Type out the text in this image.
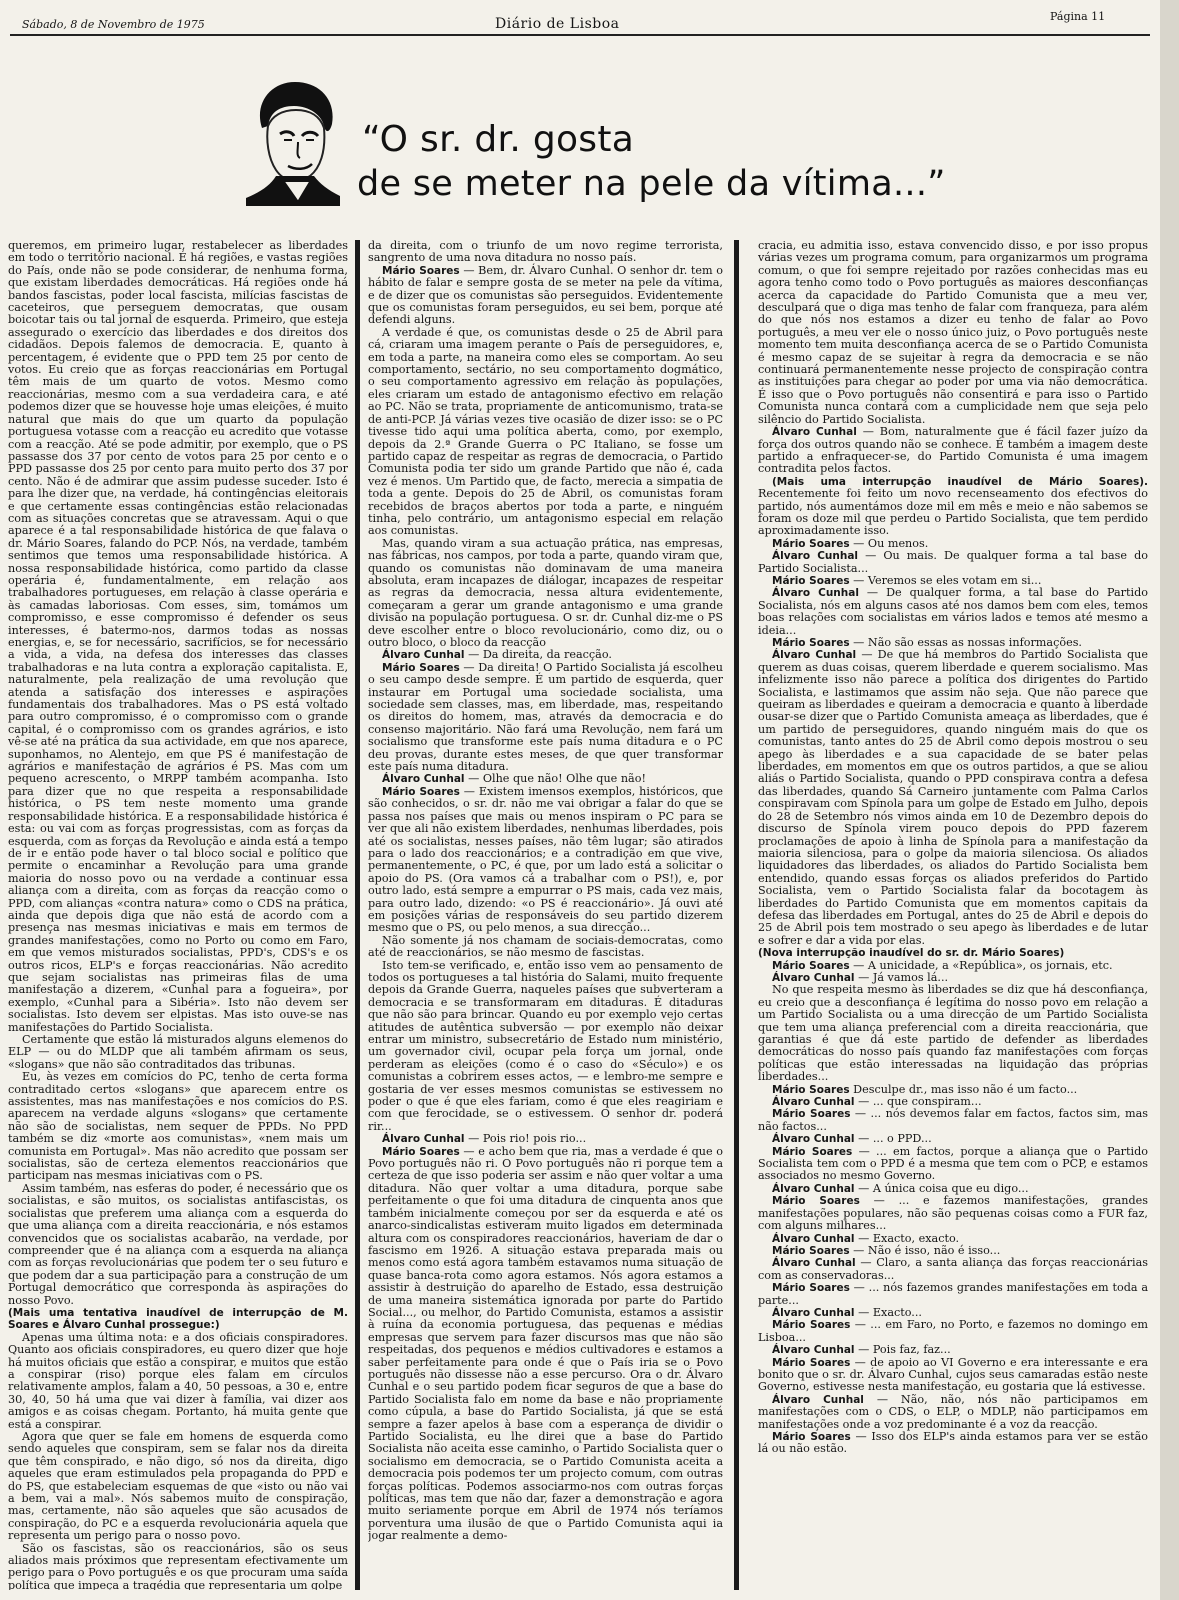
Sábado, 8 de Novembro de 1975	Diário de Lisboa	Página 11
“O sr. dr. gosta
de se meter na pele da vítima...”

queremos, em primeiro lugar, restabelecer as liberdades em todo o território nacional. É há regiões, e vastas regiões do País, onde não se pode considerar, de nenhuma forma, que existam liberdades democráticas. Há regiões onde há bandos fascistas, poder local fascista, milícias fascistas de caceteiros, que perseguem democratas, que ousam boicotar tais ou tal jornal de esquerda. Primeiro, que esteja assegurado o exercício das liberdades e dos direitos dos cidadãos. Depois falemos de democracia. E, quanto à percentagem, é evidente que o PPD tem 25 por cento de votos. Eu creio que as forças reaccionárias em Portugal têm mais de um quarto de votos. Mesmo como reaccionárias, mesmo com a sua verdadeira cara, e até podemos dizer que se houvesse hoje umas eleições, é muito natural que mais do que um quarto da população portuguesa votasse com a reacção eu acredito que votasse com a reacção. Até se pode admitir, por exemplo, que o PS passasse dos 37 por cento de votos para 25 por cento e o PPD passasse dos 25 por cento para muito perto dos 37 por cento. Não é de admirar que assim pudesse suceder. Isto é para lhe dizer que, na verdade, há contingências eleitorais e que certamente essas contingências estão relacionadas com as situações concretas que se atravessam. Aqui o que aparece é a tal responsabilidade histórica de que falava o dr. Mário Soares, falando do PCP. Nós, na verdade, também sentimos que temos uma responsabilidade histórica. A nossa responsabilidade histórica, como partido da classe operária é, fundamentalmente, em relação aos trabalhadores portugueses, em relação à classe operária e às camadas laboriosas. Com esses, sim, tomámos um compromisso, e esse compromisso é defender os seus interesses, é batermo-nos, darmos todas as nossas energias, e, se for necessário, sacrifícios, se for necessário a vida, a vida, na defesa dos interesses das classes trabalhadoras e na luta contra a exploração capitalista. E, naturalmente, pela realização de uma revolução que atenda a satisfação dos interesses e aspirações fundamentais dos trabalhadores. Mas o PS está voltado para outro compromisso, é o compromisso com o grande capital, é o compromisso com os grandes agrários, e isto vê-se até na prática da sua actividade, em que nos aparece, suponhamos, no Alentejo, em que PS é manifestação de agrários e manifestação de agrários é PS. Mas com um pequeno acrescento, o MRPP também acompanha. Isto para dizer que no que respeita a responsabilidade histórica, o PS tem neste momento uma grande responsabilidade histórica. E a responsabilidade histórica é esta: ou vai com as forças progressistas, com as forças da esquerda, com as forças da Revolução e ainda está a tempo de ir e então pode haver o tal bloco social e político que permite o encaminhar a Revolução para uma grande maioria do nosso povo ou na verdade a continuar essa aliança com a direita, com as forças da reacção como o PPD, com alianças «contra natura» como o CDS na prática, ainda que depois diga que não está de acordo com a presença nas mesmas iniciativas e mais em termos de grandes manifestações, como no Porto ou como em Faro, em que vemos misturados socialistas, PPD's, CDS's e os outros ricos, ELP's e forças reaccionárias. Não acredito que sejam socialistas nas primeiras filas de uma manifestação a dizerem, «Cunhal para a fogueira», por exemplo, «Cunhal para a Sibéria». Isto não devem ser socialistas. Isto devem ser elpistas. Mas isto ouve-se nas manifestações do Partido Socialista.

Certamente que estão lá misturados alguns elemenos do ELP — ou do MLDP que ali também afirmam os seus, «slogans» que não são contraditados das tribunas.

Eu, às vezes em comícios do PC, tenho de certa forma contraditado certos «slogans» que aparecem entre os assistentes, mas nas manifestações e nos comícios do P.S. aparecem na verdade alguns «slogans» que certamente não são de socialistas, nem sequer de PPDs. No PPD também se diz «morte aos comunistas», «nem mais um comunista em Portugal». Mas não acredito que possam ser socialistas, são de certeza elementos reaccionários que participam nas mesmas iniciativas com o PS.

Assim também, nas esferas do poder, é necessário que os socialistas, e são muitos, os socialistas antifascistas, os socialistas que preferem uma aliança com a esquerda do que uma aliança com a direita reaccionária, e nós estamos convencidos que os socialistas acabarão, na verdade, por compreender que é na aliança com a esquerda na aliança com as forças revolucionárias que podem ter o seu futuro e que podem dar a sua participação para a construção de um Portugal democrático que corresponda às aspirações do nosso Povo.

(Mais uma tentativa inaudível de interrupção de M. Soares e Álvaro Cunhal prossegue:)

Apenas uma última nota: e a dos oficiais conspiradores. Quanto aos oficiais conspiradores, eu quero dizer que hoje há muitos oficiais que estão a conspirar, e muitos que estão a conspirar (riso) porque eles falam em círculos relativamente amplos, falam a 40, 50 pessoas, a 30 e, entre 30, 40, 50 há uma que vai dizer à família, vai dizer aos amigos e as coisas chegam. Portanto, há muita gente que está a conspirar.

Agora que quer se fale em homens de esquerda como sendo aqueles que conspiram, sem se falar nos da direita que têm conspirado, e não digo, só nos da direita, digo aqueles que eram estimulados pela propaganda do PPD e do PS, que estabeleciam esquemas de que «isto ou não vai a bem, vai a mal». Nós sabemos muito de conspiração, mas, certamente, não são aqueles que são acusados de conspiração, do PC e a esquerda revolucionária aquela que representa um perigo para o nosso povo.

São os fascistas, são os reaccionários, são os seus aliados mais próximos que representam efectivamente um perigo para o Povo português e os que procuram uma saída política que impeça a tragédia que representaria um golpe

da direita, com o triunfo de um novo regime terrorista, sangrento de uma nova ditadura no nosso país.

Mário Soares — Bem, dr. Álvaro Cunhal. O senhor dr. tem o hábito de falar e sempre gosta de se meter na pele da vítima, e de dizer que os comunistas são perseguidos. Evidentemente que os comunistas foram perseguidos, eu sei bem, porque até defendi alguns.

A verdade é que, os comunistas desde o 25 de Abril para cá, criaram uma imagem perante o País de perseguidores, e, em toda a parte, na maneira como eles se comportam. Ao seu comportamento, sectário, no seu comportamento dogmático, o seu comportamento agressivo em relação às populações, eles criaram um estado de antagonismo efectivo em relação ao PC. Não se trata, propriamente de anticomunismo, trata-se de anti-PCP. Já várias vezes tive ocasião de dizer isso: se o PC tivesse tido aqui uma política aberta, como, por exemplo, depois da 2.ª Grande Guerra o PC Italiano, se fosse um partido capaz de respeitar as regras de democracia, o Partido Comunista podia ter sido um grande Partido que não é, cada vez é menos. Um Partido que, de facto, merecia a simpatia de toda a gente. Depois do 25 de Abril, os comunistas foram recebidos de braços abertos por toda a parte, e ninguém tinha, pelo contrário, um antagonismo especial em relação aos comunistas.

Mas, quando viram a sua actuação prática, nas empresas, nas fábricas, nos campos, por toda a parte, quando viram que, quando os comunistas não dominavam de uma maneira absoluta, eram incapazes de diálogar, incapazes de respeitar as regras da democracia, nessa altura evidentemente, começaram a gerar um grande antagonismo e uma grande divisão na população portuguesa. O sr. dr. Cunhal diz-me o PS deve escolher entre o bloco revolucionário, como diz, ou o outro bloco, o bloco da reacção

Álvaro Cunhal — Da direita, da reacção.

Mário Soares — Da direita! O Partido Socialista já escolheu o seu campo desde sempre. É um partido de esquerda, quer instaurar em Portugal uma sociedade socialista, uma sociedade sem classes, mas, em liberdade, mas, respeitando os direitos do homem, mas, através da democracia e do consenso majoritário. Não fará uma Revolução, nem fará um socialismo que transforme este país numa ditadura e o PC deu provas, durante estes meses, de que quer transformar este país numa ditadura.

Álvaro Cunhal — Olhe que não! Olhe que não!

Mário Soares — Existem imensos exemplos, históricos, que são conhecidos, o sr. dr. não me vai obrigar a falar do que se passa nos países que mais ou menos inspiram o PC para se ver que ali não existem liberdades, nenhumas liberdades, pois até os socialistas, nesses países, não têm lugar; são atirados para o lado dos reaccionários; e a contradição em que vive, permanentemente, o PC, é que, por um lado está a solicitar o apoio do PS. (Ora vamos cá a trabalhar com o PS!), e, por outro lado, está sempre a empurrar o PS mais, cada vez mais, para outro lado, dizendo: «o PS é reaccionário». Já ouvi até em posições várias de responsáveis do seu partido dizerem mesmo que o PS, ou pelo menos, a sua direcção...

Não somente já nos chamam de sociais-democratas, como até de reaccionários, se não mesmo de fascistas.

Isto tem-se verificado, e, então isso vem ao pensamento de todos os portugueses a tal história do Salami, muito frequente depois da Grande Guerra, naqueles países que subverteram a democracia e se transformaram em ditaduras. É ditaduras que não são para brincar. Quando eu por exemplo vejo certas atitudes de autêntica subversão — por exemplo não deixar entrar um ministro, subsecretário de Estado num ministério, um governador civil, ocupar pela força um jornal, onde perderam as eleições (como é o caso do «Século») e os comunistas a cobrirem esses actos, — e lembro-me sempre e gostaria de ver esses mesmos comunistas se estivessem no poder o que é que eles fariam, como é que eles reagiriam e com que ferocidade, se o estivessem. O senhor dr. poderá rir...

Álvaro Cunhal — Pois rio! pois rio...

Mário Soares — e acho bem que ria, mas a verdade é que o Povo português não ri. O Povo português não ri porque tem a certeza de que isso poderia ser assim e não quer voltar a uma ditadura. Não quer voltar a uma ditadura, porque sabe perfeitamente o que foi uma ditadura de cinquenta anos que também inicialmente começou por ser da esquerda e até os anarco-sindicalistas estiveram muito ligados em determinada altura com os conspiradores reaccionários, haveriam de dar o fascismo em 1926. A situação estava preparada mais ou menos como está agora também estavamos numa situação de quase banca-rota como agora estamos. Nós agora estamos a assistir à destruição do aparelho de Estado, essa destruição de uma maneira sistemática ignorada por parte do Partido Social..., ou melhor, do Partido Comunista, estamos a assistir à ruína da economia portuguesa, das pequenas e médias empresas que servem para fazer discursos mas que não são respeitadas, dos pequenos e médios cultivadores e estamos a saber perfeitamente para onde é que o País iria se o Povo português não dissesse não a esse percurso. Ora o dr. Álvaro Cunhal e o seu partido podem ficar seguros de que a base do Partido Socialista falo em nome da base e não propriamente como cúpula, a base do Partido Socialista, já que se está sempre a fazer apelos à base com a esperança de dividir o Partido Socialista, eu lhe direi que a base do Partido Socialista não aceita esse caminho, o Partido Socialista quer o socialismo em democracia, se o Partido Comunista aceita a democracia pois podemos ter um projecto comum, com outras forças políticas. Podemos associarmo-nos com outras forças políticas, mas tem que não dar, fazer a demonstração e agora muito seriamente porque em Abril de 1974 nós teríamos porventura uma ilusão de que o Partido Comunista aqui ia jogar realmente a demo-

cracia, eu admitia isso, estava convencido disso, e por isso propus várias vezes um programa comum, para organizarmos um programa comum, o que foi sempre rejeitado por razões conhecidas mas eu agora tenho como todo o Povo português as maiores desconfianças acerca da capacidade do Partido Comunista que a meu ver, desculpará que o diga mas tenho de falar com franqueza, para além do que nós nos estamos a dizer eu tenho de falar ao Povo português, a meu ver ele o nosso único juiz, o Povo português neste momento tem muita desconfiança acerca de se o Partido Comunista é mesmo capaz de se sujeitar à regra da democracia e se não continuará permanentemente nesse projecto de conspiração contra as instituições para chegar ao poder por uma via não democrática. É isso que o Povo português não consentirá e para isso o Partido Comunista nunca contará com a cumplicidade nem que seja pelo silêncio do Partido Socialista.

Álvaro Cunhal — Bom, naturalmente que é fácil fazer juízo da força dos outros quando não se conhece. É também a imagem deste partido a enfraquecer-se, do Partido Comunista é uma imagem contradita pelos factos.

(Mais uma interrupção inaudível de Mário Soares). Recentemente foi feito um novo recenseamento dos efectivos do partido, nós aumentámos doze mil em mês e meio e não sabemos se foram os doze mil que perdeu o Partido Socialista, que tem perdido aproximadamente isso.

Mário Soares — Ou menos.

Álvaro Cunhal — Ou mais. De qualquer forma a tal base do Partido Socialista...

Mário Soares — Veremos se eles votam em si...

Álvaro Cunhal — De qualquer forma, a tal base do Partido Socialista, nós em alguns casos até nos damos bem com eles, temos boas relações com socialistas em vários lados e temos até mesmo a ideia...

Mário Soares — Não são essas as nossas informações.

Álvaro Cunhal — De que há membros do Partido Socialista que querem as duas coisas, querem liberdade e querem socialismo. Mas infelizmente isso não parece a política dos dirigentes do Partido Socialista, e lastimamos que assim não seja. Que não parece que queiram as liberdades e queiram a democracia e quanto à liberdade ousar-se dizer que o Partido Comunista ameaça as liberdades, que é um partido de perseguidores, quando ninguém mais do que os comunistas, tanto antes do 25 de Abril como depois mostrou o seu apego às liberdades e a sua capacidade de se bater pelas liberdades, em momentos em que os outros partidos, a que se aliou aliás o Partido Socialista, quando o PPD conspirava contra a defesa das liberdades, quando Sá Carneiro juntamente com Palma Carlos conspiravam com Spínola para um golpe de Estado em Julho, depois do 28 de Setembro nós vimos ainda em 10 de Dezembro depois do discurso de Spínola virem pouco depois do PPD fazerem proclamações de apoio à linha de Spínola para a manifestação da maioria silenciosa, para o golpe da maioria silenciosa. Os aliados liquidadores das liberdades, os aliados do Partido Socialista bem entendido, quando essas forças os aliados preferidos do Partido Socialista, vem o Partido Socialista falar da bocotagem às liberdades do Partido Comunista que em momentos capitais da defesa das liberdades em Portugal, antes do 25 de Abril e depois do 25 de Abril pois tem mostrado o seu apego às liberdades e de lutar e sofrer e dar a vida por elas.

(Nova interrupção inaudível do sr. dr. Mário Soares)

Mário Soares — A unicidade, a «República», os jornais, etc.

Álvaro Cunhal — Já vamos lá...

No que respeita mesmo às liberdades se diz que há desconfiança, eu creio que a desconfiança é legítima do nosso povo em relação a um Partido Socialista ou a uma direcção de um Partido Socialista que tem uma aliança preferencial com a direita reaccionária, que garantias é que dá este partido de defender as liberdades democráticas do nosso país quando faz manifestações com forças políticas que estão interessadas na liquidação das próprias liberdades...

Mário Soares Desculpe dr., mas isso não é um facto...

Álvaro Cunhal — ... que conspiram...

Mário Soares — ... nós devemos falar em factos, factos sim, mas não factos...

Álvaro Cunhal — ... o PPD...

Mário Soares — ... em factos, porque a aliança que o Partido Socialista tem com o PPD é a mesma que tem com o PCP, e estamos associados no mesmo Governo.

Álvaro Cunhal — A única coisa que eu digo...

Mário Soares — ... e fazemos manifestações, grandes manifestações populares, não são pequenas coisas como a FUR faz, com alguns milhares...

Álvaro Cunhal — Exacto, exacto.

Mário Soares — Não é isso, não é isso...

Álvaro Cunhal — Claro, a santa aliança das forças reaccionárias com as conservadoras...

Mário Soares — ... nós fazemos grandes manifestações em toda a parte...

Álvaro Cunhal — Exacto...

Mário Soares — ... em Faro, no Porto, e fazemos no domingo em Lisboa...

Álvaro Cunhal — Pois faz, faz...

Mário Soares — de apoio ao VI Governo e era interessante e era bonito que o sr. dr. Álvaro Cunhal, cujos seus camaradas estão neste Governo, estivesse nesta manifestação, eu gostaria que lá estivesse.

Álvaro Cunhal — Não, não, nós não participamos em manifestações com o CDS, o ELP, o MDLP, não participamos em manifestações onde a voz predominante é a voz da reacção.

Mário Soares — Isso dos ELP's ainda estamos para ver se estão lá ou não estão.
